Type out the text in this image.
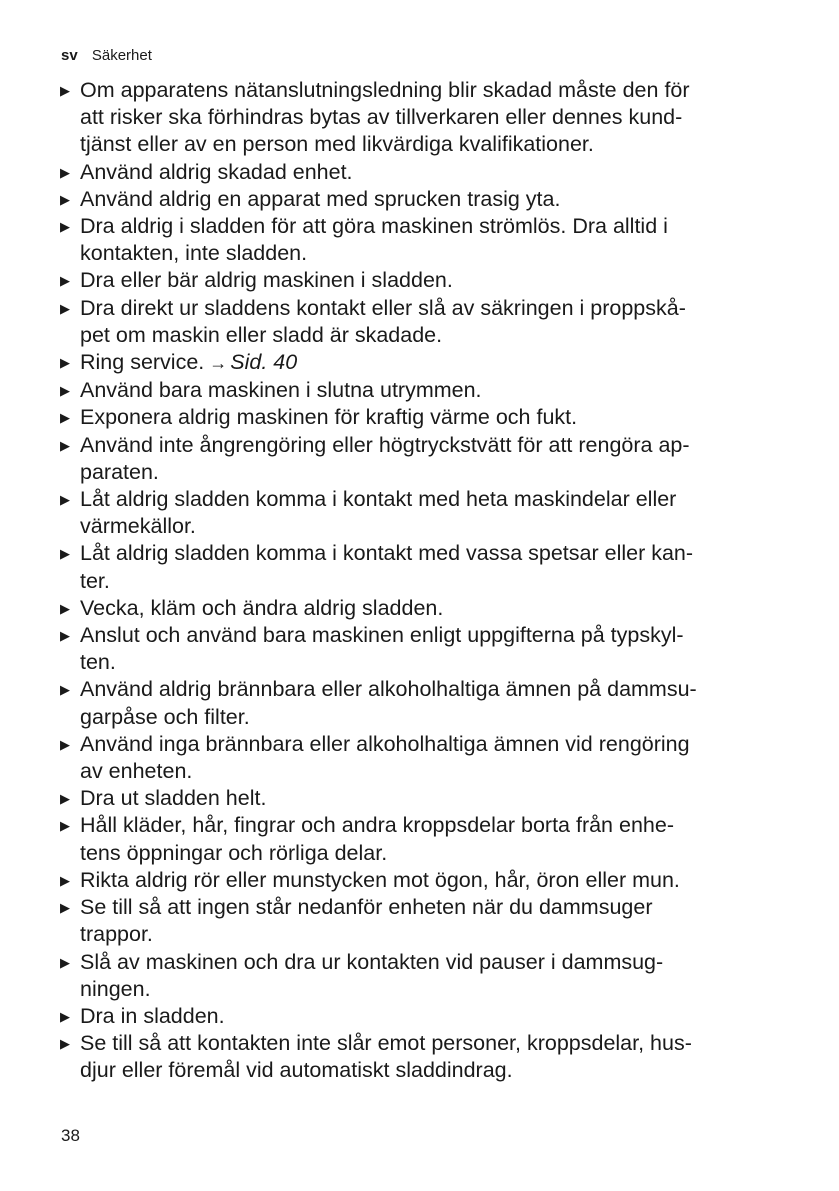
sv Säkerhet
▶ Om apparatens nätanslutningsledning blir skadad måste den för
att risker ska förhindras bytas av tillverkaren eller dennes kund-
tjänst eller av en person med likvärdiga kvalifikationer.
▶ Använd aldrig skadad enhet.
▶ Använd aldrig en apparat med sprucken trasig yta.
▶ Dra aldrig i sladden för att göra maskinen strömlös. Dra alltid i
kontakten, inte sladden.
▶ Dra eller bär aldrig maskinen i sladden.
▶ Dra direkt ur sladdens kontakt eller slå av säkringen i proppskå-
pet om maskin eller sladd är skadade.
▶ Ring service. → Sid. 40
▶ Använd bara maskinen i slutna utrymmen.
▶ Exponera aldrig maskinen för kraftig värme och fukt.
▶ Använd inte ångrengöring eller högtryckstvätt för att rengöra ap-
paraten.
▶ Låt aldrig sladden komma i kontakt med heta maskindelar eller
värmekällor.
▶ Låt aldrig sladden komma i kontakt med vassa spetsar eller kan-
ter.
▶ Vecka, kläm och ändra aldrig sladden.
▶ Anslut och använd bara maskinen enligt uppgifterna på typskyl-
ten.
▶ Använd aldrig brännbara eller alkoholhaltiga ämnen på dammsu-
garpåse och filter.
▶ Använd inga brännbara eller alkoholhaltiga ämnen vid rengöring
av enheten.
▶ Dra ut sladden helt.
▶ Håll kläder, hår, fingrar och andra kroppsdelar borta från enhe-
tens öppningar och rörliga delar.
▶ Rikta aldrig rör eller munstycken mot ögon, hår, öron eller mun.
▶ Se till så att ingen står nedanför enheten när du dammsuger
trappor.
▶ Slå av maskinen och dra ur kontakten vid pauser i dammsug-
ningen.
▶ Dra in sladden.
▶ Se till så att kontakten inte slår emot personer, kroppsdelar, hus-
djur eller föremål vid automatiskt sladdindrag.
38
